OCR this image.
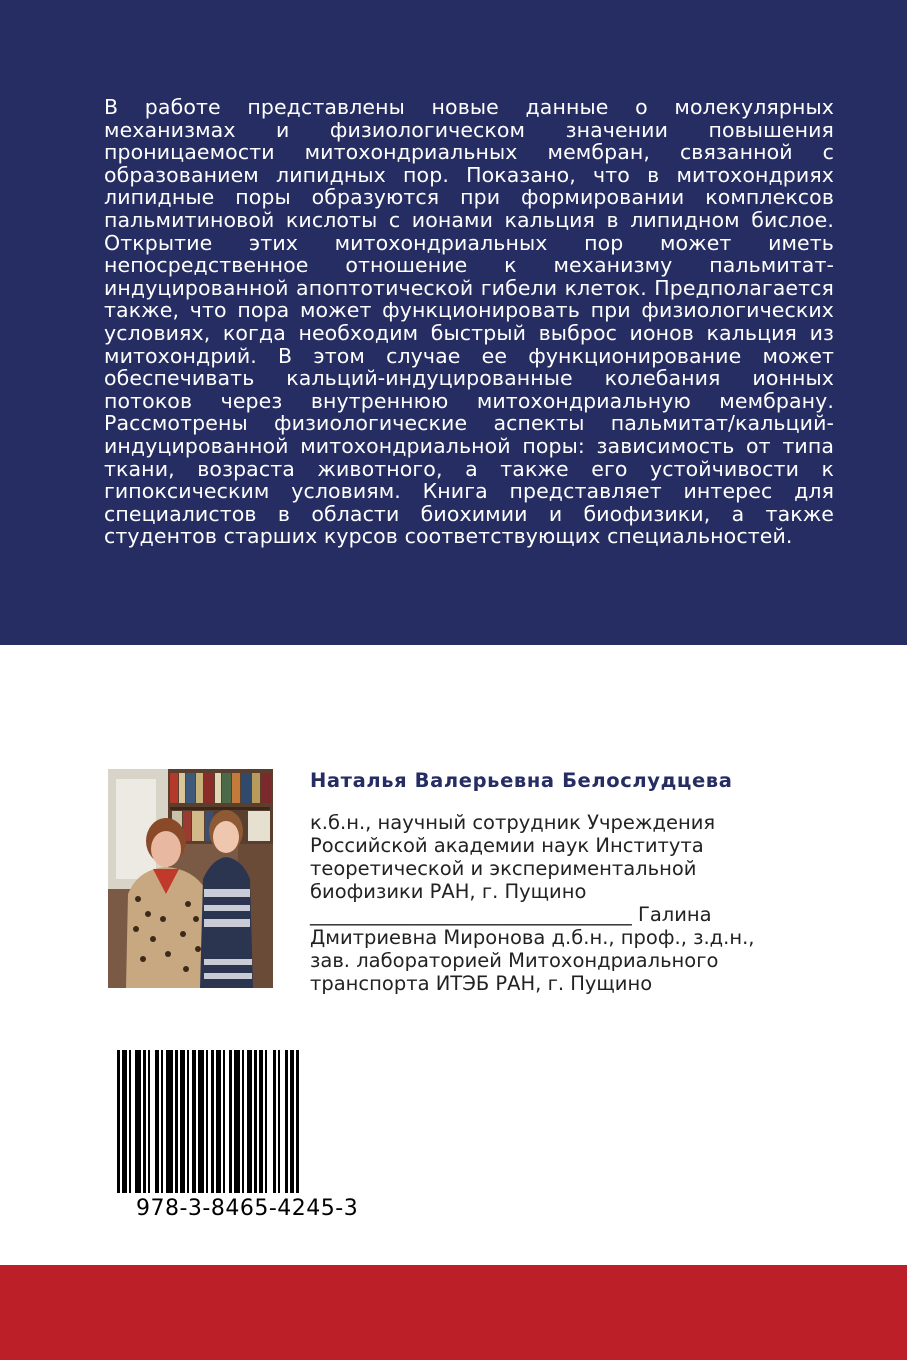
В работе представлены новые данные о молекулярных механизмах и физиологическом значении повышения проницаемости митохондриальных мембран, связанной с образованием липидных пор. Показано, что в митохондриях липидные поры образуются при формировании комплексов пальмитиновой кислоты с ионами кальция в липидном бислое. Открытие этих митохондриальных пор может иметь непосредственное отношение к механизму пальмитат-индуцированной апоптотической гибели клеток. Предполагается также, что пора может функционировать при физиологических условиях, когда необходим быстрый выброс ионов кальция из митохондрий. В этом случае ее функционирование может обеспечивать кальций-индуцированные колебания ионных потоков через внутреннюю митохондриальную мембрану. Рассмотрены физиологические аспекты пальмитат/кальций-индуцированной митохондриальной поры: зависимость от типа ткани, возраста животного, а также его устойчивости к гипоксическим условиям. Книга представляет интерес для специалистов в области биохимии и биофизики, а также студентов старших курсов соответствующих специальностей.

Наталья Валерьевна Белослудцева

к.б.н., научный сотрудник Учреждения
Российской академии наук Института
теоретической и экспериментальной
биофизики РАН, г. Пущино
_________________________________ Галина
Дмитриевна Миронова д.б.н., проф., з.д.н.,
зав. лабораторией Митохондриального
транспорта ИТЭБ РАН, г. Пущино

978-3-8465-4245-3
